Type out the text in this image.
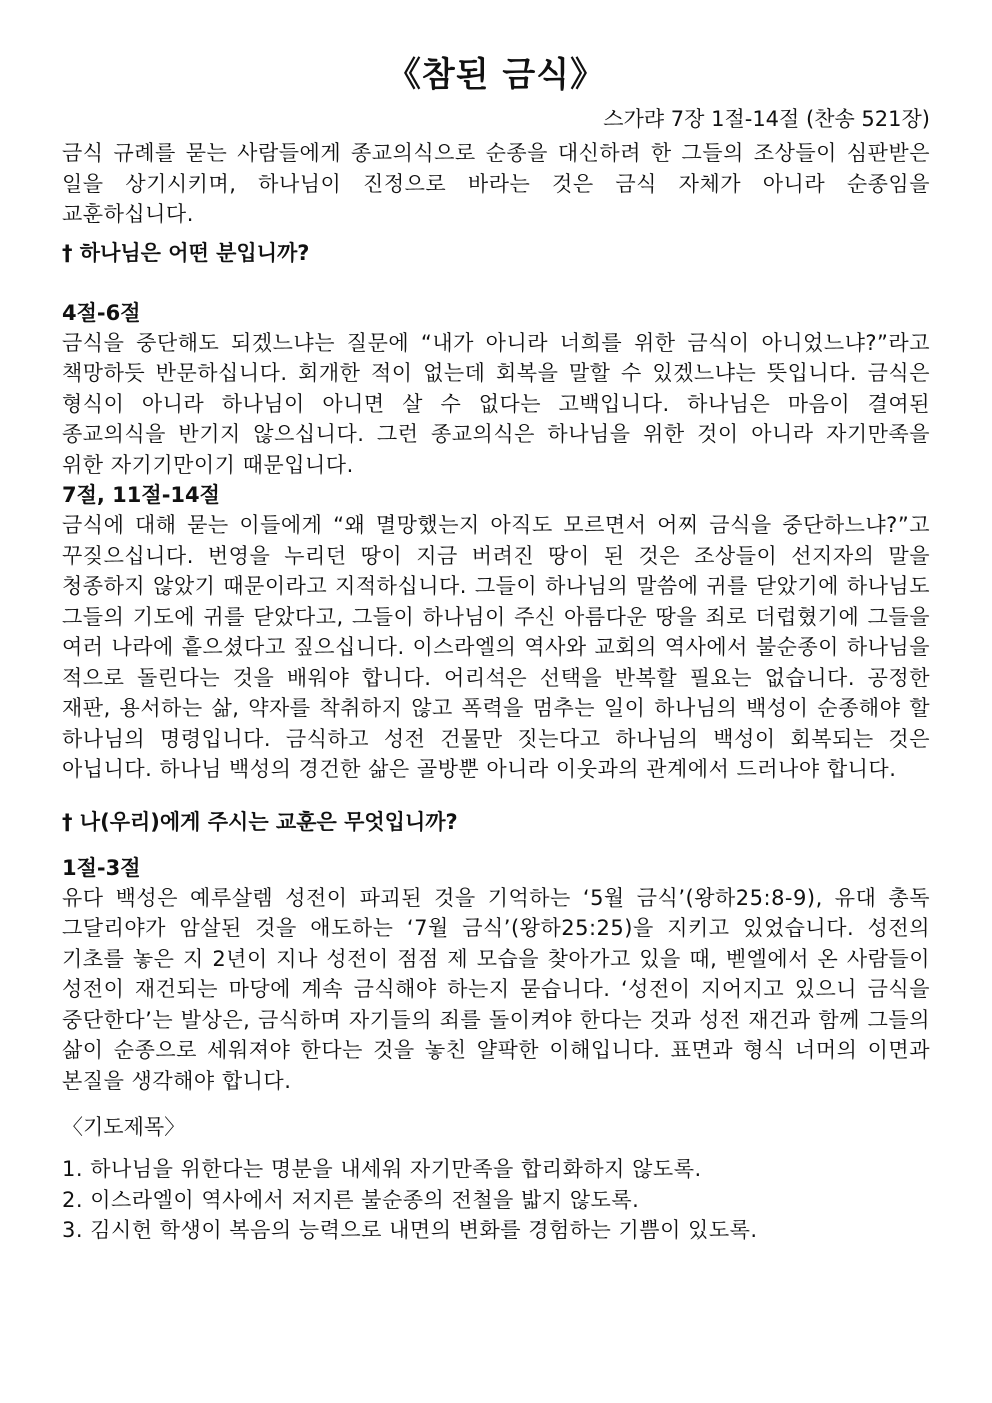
《참된 금식》
스가랴 7장 1절-14절 (찬송 521장)

금식 규례를 묻는 사람들에게 종교의식으로 순종을 대신하려 한 그들의 조상들이 심판받은 일을 상기시키며, 하나님이 진정으로 바라는 것은 금식 자체가 아니라 순종임을 교훈하십니다.

† 하나님은 어떤 분입니까?
4절-6절

금식을 중단해도 되겠느냐는 질문에 “내가 아니라 너희를 위한 금식이 아니었느냐?”라고 책망하듯 반문하십니다. 회개한 적이 없는데 회복을 말할 수 있겠느냐는 뜻입니다. 금식은 형식이 아니라 하나님이 아니면 살 수 없다는 고백입니다. 하나님은 마음이 결여된 종교의식을 반기지 않으십니다. 그런 종교의식은 하나님을 위한 것이 아니라 자기만족을 위한 자기기만이기 때문입니다.

7절, 11절-14절

금식에 대해 묻는 이들에게 “왜 멸망했는지 아직도 모르면서 어찌 금식을 중단하느냐?”고 꾸짖으십니다. 번영을 누리던 땅이 지금 버려진 땅이 된 것은 조상들이 선지자의 말을 청종하지 않았기 때문이라고 지적하십니다. 그들이 하나님의 말씀에 귀를 닫았기에 하나님도 그들의 기도에 귀를 닫았다고, 그들이 하나님이 주신 아름다운 땅을 죄로 더럽혔기에 그들을 여러 나라에 흩으셨다고 짚으십니다. 이스라엘의 역사와 교회의 역사에서 불순종이 하나님을 적으로 돌린다는 것을 배워야 합니다. 어리석은 선택을 반복할 필요는 없습니다. 공정한 재판, 용서하는 삶, 약자를 착취하지 않고 폭력을 멈추는 일이 하나님의 백성이 순종해야 할 하나님의 명령입니다. 금식하고 성전 건물만 짓는다고 하나님의 백성이 회복되는 것은 아닙니다. 하나님 백성의 경건한 삶은 골방뿐 아니라 이웃과의 관계에서 드러나야 합니다.

† 나(우리)에게 주시는 교훈은 무엇입니까?
1절-3절

유다 백성은 예루살렘 성전이 파괴된 것을 기억하는 ‘5월 금식’(왕하25:8-9), 유대 총독 그달리야가 암살된 것을 애도하는 ‘7월 금식’(왕하25:25)을 지키고 있었습니다. 성전의 기초를 놓은 지 2년이 지나 성전이 점점 제 모습을 찾아가고 있을 때, 벧엘에서 온 사람들이 성전이 재건되는 마당에 계속 금식해야 하는지 묻습니다. ‘성전이 지어지고 있으니 금식을 중단한다’는 발상은, 금식하며 자기들의 죄를 돌이켜야 한다는 것과 성전 재건과 함께 그들의 삶이 순종으로 세워져야 한다는 것을 놓친 얄팍한 이해입니다. 표면과 형식 너머의 이면과 본질을 생각해야 합니다.

〈기도제목〉
1. 하나님을 위한다는 명분을 내세워 자기만족을 합리화하지 않도록.
2. 이스라엘이 역사에서 저지른 불순종의 전철을 밟지 않도록.
3. 김시헌 학생이 복음의 능력으로 내면의 변화를 경험하는 기쁨이 있도록.
